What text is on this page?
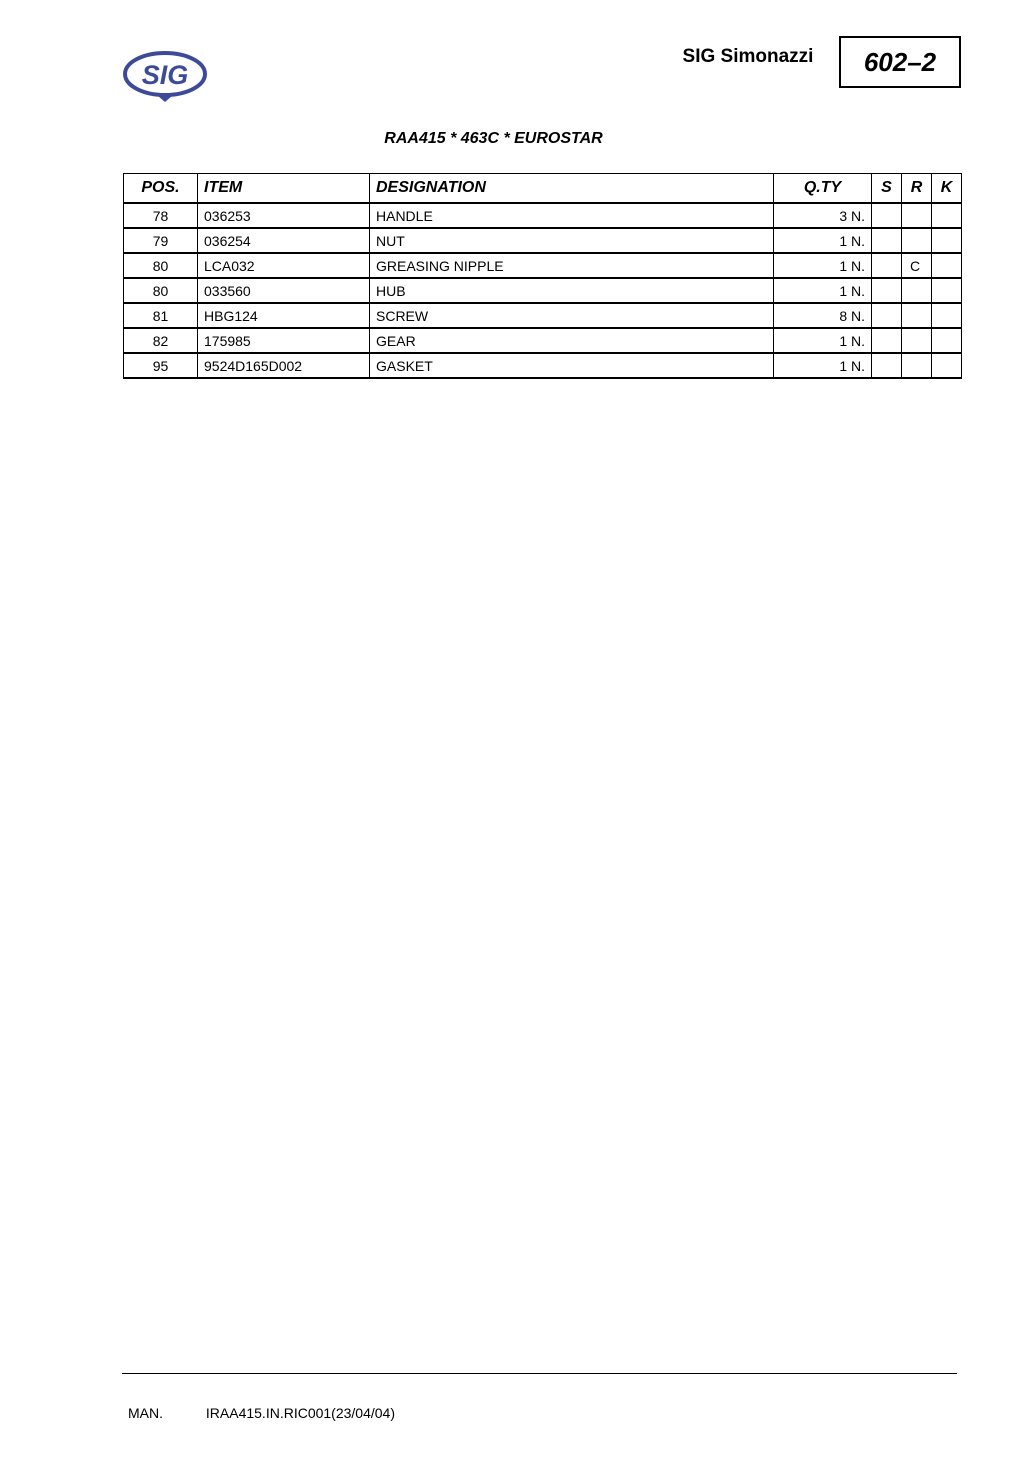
SIG
SIG Simonazzi	602–2
RAA415 * 463C * EUROSTAR
POS.	ITEM	DESIGNATION	Q.TY	S	R	K
78	036253	HANDLE	3 N.			
79	036254	NUT	1 N.			
80	LCA032	GREASING NIPPLE	1 N.		C	
80	033560	HUB	1 N.			
81	HBG124	SCREW	8 N.			
82	175985	GEAR	1 N.			
95	9524D165D002	GASKET	1 N.			
MAN.	IRAA415.IN.RIC001(23/04/04)
